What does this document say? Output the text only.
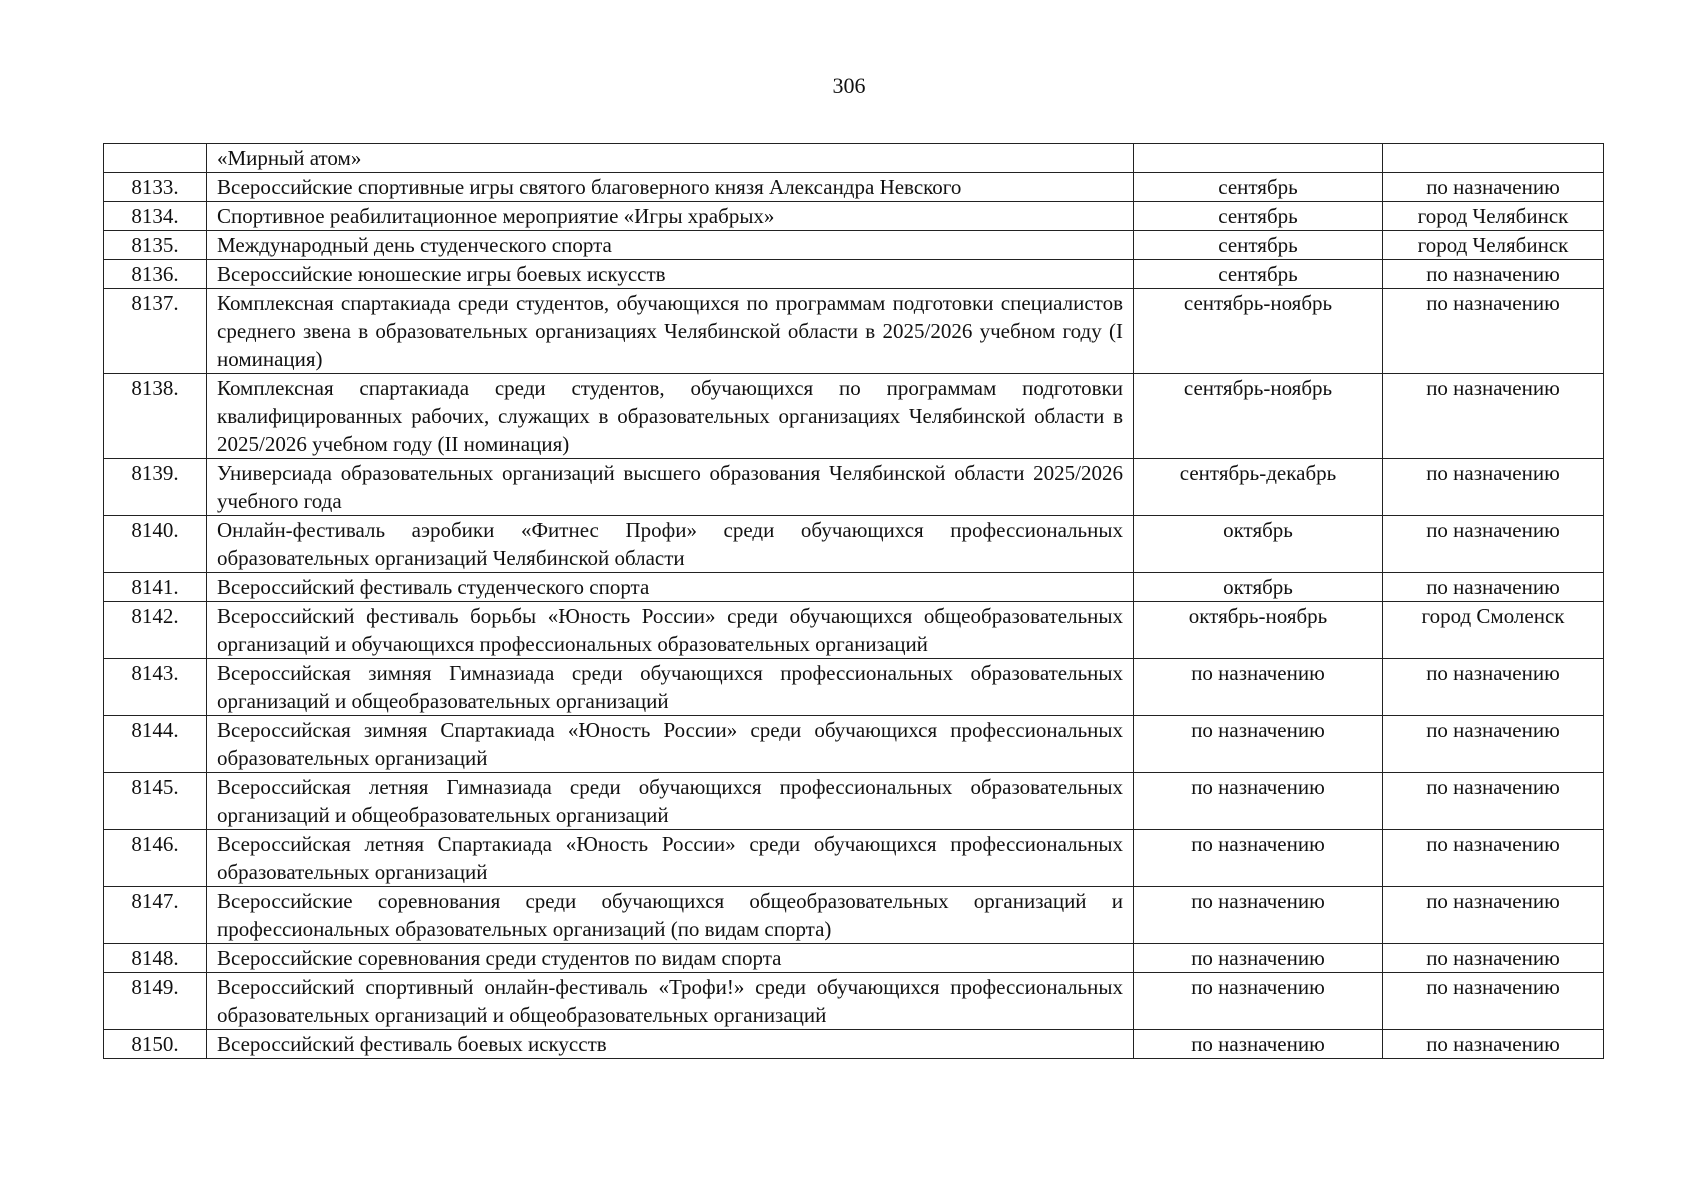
306
	«Мирный атом»		
8133.	Всероссийские спортивные игры святого благоверного князя Александра Невского	сентябрь	по назначению
8134.	Спортивное реабилитационное мероприятие «Игры храбрых»	сентябрь	город Челябинск
8135.	Международный день студенческого спорта	сентябрь	город Челябинск
8136.	Всероссийские юношеские игры боевых искусств	сентябрь	по назначению
8137.	Комплексная спартакиада среди студентов, обучающихся по программам подготовки специалистов среднего звена в образовательных организациях Челябинской области в 2025/2026 учебном году (I номинация)	сентябрь-ноябрь	по назначению
8138.	Комплексная спартакиада среди студентов, обучающихся по программам подготовки квалифицированных рабочих, служащих в образовательных организациях Челябинской области в 2025/2026 учебном году (II номинация)	сентябрь-ноябрь	по назначению
8139.	Универсиада образовательных организаций высшего образования Челябинской области 2025/2026 учебного года	сентябрь-декабрь	по назначению
8140.	Онлайн-фестиваль аэробики «Фитнес Профи» среди обучающихся профессиональных образовательных организаций Челябинской области	октябрь	по назначению
8141.	Всероссийский фестиваль студенческого спорта	октябрь	по назначению
8142.	Всероссийский фестиваль борьбы «Юность России» среди обучающихся общеобразовательных организаций и обучающихся профессиональных образовательных организаций	октябрь-ноябрь	город Смоленск
8143.	Всероссийская зимняя Гимназиада среди обучающихся профессиональных образовательных организаций и общеобразовательных организаций	по назначению	по назначению
8144.	Всероссийская зимняя Спартакиада «Юность России» среди обучающихся профессиональных образовательных организаций	по назначению	по назначению
8145.	Всероссийская летняя Гимназиада среди обучающихся профессиональных образовательных организаций и общеобразовательных организаций	по назначению	по назначению
8146.	Всероссийская летняя Спартакиада «Юность России» среди обучающихся профессиональных образовательных организаций	по назначению	по назначению
8147.	Всероссийские соревнования среди обучающихся общеобразовательных организаций и профессиональных образовательных организаций (по видам спорта)	по назначению	по назначению
8148.	Всероссийские соревнования среди студентов по видам спорта	по назначению	по назначению
8149.	Всероссийский спортивный онлайн-фестиваль «Трофи!» среди обучающихся профессиональных образовательных организаций и общеобразовательных организаций	по назначению	по назначению
8150.	Всероссийский фестиваль боевых искусств	по назначению	по назначению
